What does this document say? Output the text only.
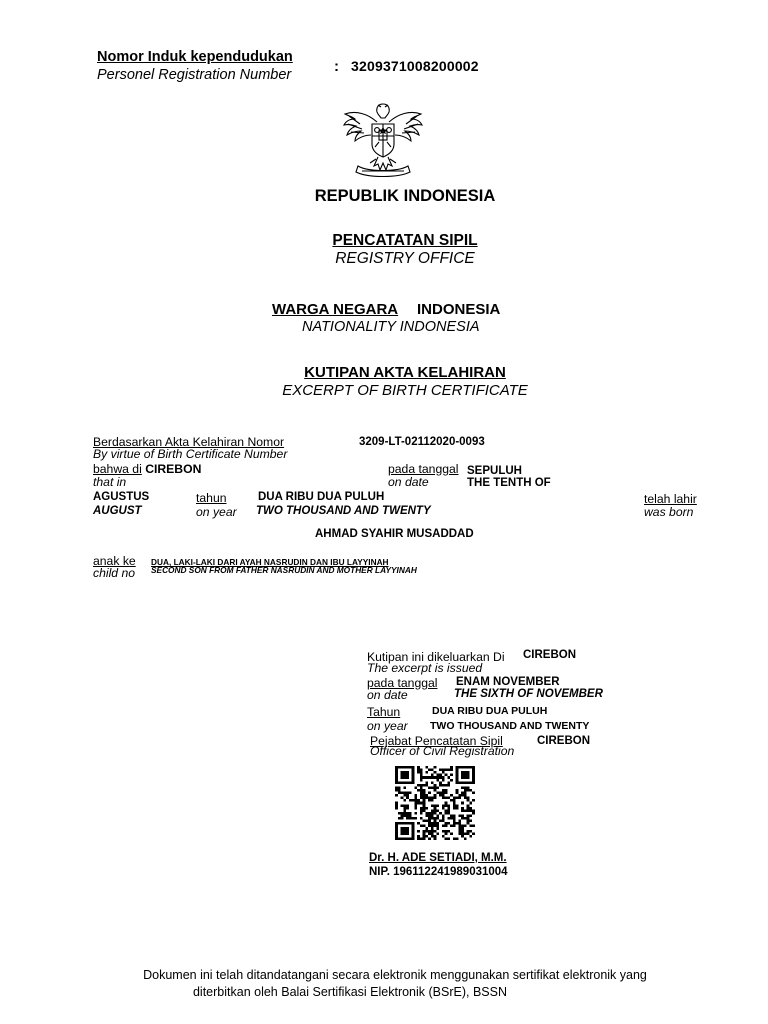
Nomor Induk kependudukan
Personel Registration Number	: 3209371008200002
REPUBLIK INDONESIA
PENCATATAN SIPIL
REGISTRY OFFICE
WARGA NEGARA INDONESIA
NATIONALITY INDONESIA
KUTIPAN AKTA KELAHIRAN
EXCERPT OF BIRTH CERTIFICATE
Berdasarkan Akta Kelahiran Nomor
By virtue of Birth Certificate Number
3209-LT-02112020-0093
bahwa di CIREBON
that in
pada tanggal
on date
SEPULUH
THE TENTH OF
AGUSTUS
AUGUST
tahun
on year
DUA RIBU DUA PULUH
TWO THOUSAND AND TWENTY
telah lahir
was born
AHMAD SYAHIR MUSADDAD
anak ke
child no
DUA, LAKI-LAKI DARI AYAH NASRUDIN DAN IBU LAYYINAH
SECOND SON FROM FATHER NASRUDIN AND MOTHER LAYYINAH
Kutipan ini dikeluarkan Di
The excerpt is issued
CIREBON
pada tanggal
on date
ENAM NOVEMBER
THE SIXTH OF NOVEMBER
Tahun
on year
DUA RIBU DUA PULUH
TWO THOUSAND AND TWENTY
Pejabat Pencatatan Sipil
Officer of Civil Registration
CIREBON
Dr. H. ADE SETIADI, M.M.
NIP. 196112241989031004
Dokumen ini telah ditandatangani secara elektronik menggunakan sertifikat elektronik yang
diterbitkan oleh Balai Sertifikasi Elektronik (BSrE), BSSN
